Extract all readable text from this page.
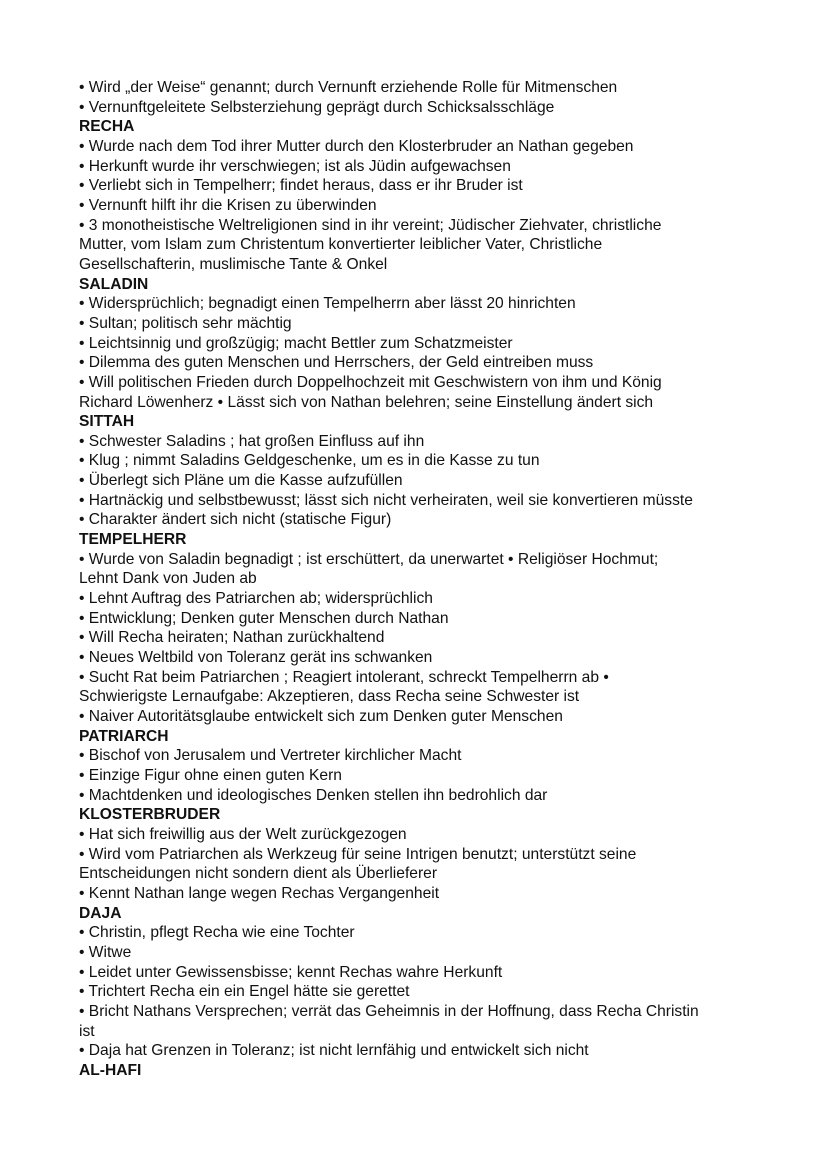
• Wird „der Weise“ genannt; durch Vernunft erziehende Rolle für Mitmenschen

• Vernunftgeleitete Selbsterziehung geprägt durch Schicksalsschläge

RECHA

• Wurde nach dem Tod ihrer Mutter durch den Klosterbruder an Nathan gegeben

• Herkunft wurde ihr verschwiegen; ist als Jüdin aufgewachsen

• Verliebt sich in Tempelherr; findet heraus, dass er ihr Bruder ist

• Vernunft hilft ihr die Krisen zu überwinden

• 3 monotheistische Weltreligionen sind in ihr vereint; Jüdischer Ziehvater, christliche

Mutter, vom Islam zum Christentum konvertierter leiblicher Vater, Christliche

Gesellschafterin, muslimische Tante & Onkel

SALADIN

• Widersprüchlich; begnadigt einen Tempelherrn aber lässt 20 hinrichten

• Sultan; politisch sehr mächtig

• Leichtsinnig und großzügig; macht Bettler zum Schatzmeister

• Dilemma des guten Menschen und Herrschers, der Geld eintreiben muss

• Will politischen Frieden durch Doppelhochzeit mit Geschwistern von ihm und König

Richard Löwenherz • Lässt sich von Nathan belehren; seine Einstellung ändert sich

SITTAH

• Schwester Saladins ; hat großen Einfluss auf ihn

• Klug ; nimmt Saladins Geldgeschenke, um es in die Kasse zu tun

• Überlegt sich Pläne um die Kasse aufzufüllen

• Hartnäckig und selbstbewusst; lässt sich nicht verheiraten, weil sie konvertieren müsste

• Charakter ändert sich nicht (statische Figur)

TEMPELHERR

• Wurde von Saladin begnadigt ; ist erschüttert, da unerwartet • Religiöser Hochmut;

Lehnt Dank von Juden ab

• Lehnt Auftrag des Patriarchen ab; widersprüchlich

• Entwicklung; Denken guter Menschen durch Nathan

• Will Recha heiraten; Nathan zurückhaltend

• Neues Weltbild von Toleranz gerät ins schwanken

• Sucht Rat beim Patriarchen ; Reagiert intolerant, schreckt Tempelherrn ab •

Schwierigste Lernaufgabe: Akzeptieren, dass Recha seine Schwester ist

• Naiver Autoritätsglaube entwickelt sich zum Denken guter Menschen

PATRIARCH

• Bischof von Jerusalem und Vertreter kirchlicher Macht

• Einzige Figur ohne einen guten Kern

• Machtdenken und ideologisches Denken stellen ihn bedrohlich dar

KLOSTERBRUDER

• Hat sich freiwillig aus der Welt zurückgezogen

• Wird vom Patriarchen als Werkzeug für seine Intrigen benutzt; unterstützt seine

Entscheidungen nicht sondern dient als Überlieferer

• Kennt Nathan lange wegen Rechas Vergangenheit

DAJA

• Christin, pflegt Recha wie eine Tochter

• Witwe

• Leidet unter Gewissensbisse; kennt Rechas wahre Herkunft

• Trichtert Recha ein ein Engel hätte sie gerettet

• Bricht Nathans Versprechen; verrät das Geheimnis in der Hoffnung, dass Recha Christin

ist

• Daja hat Grenzen in Toleranz; ist nicht lernfähig und entwickelt sich nicht

AL-HAFI
